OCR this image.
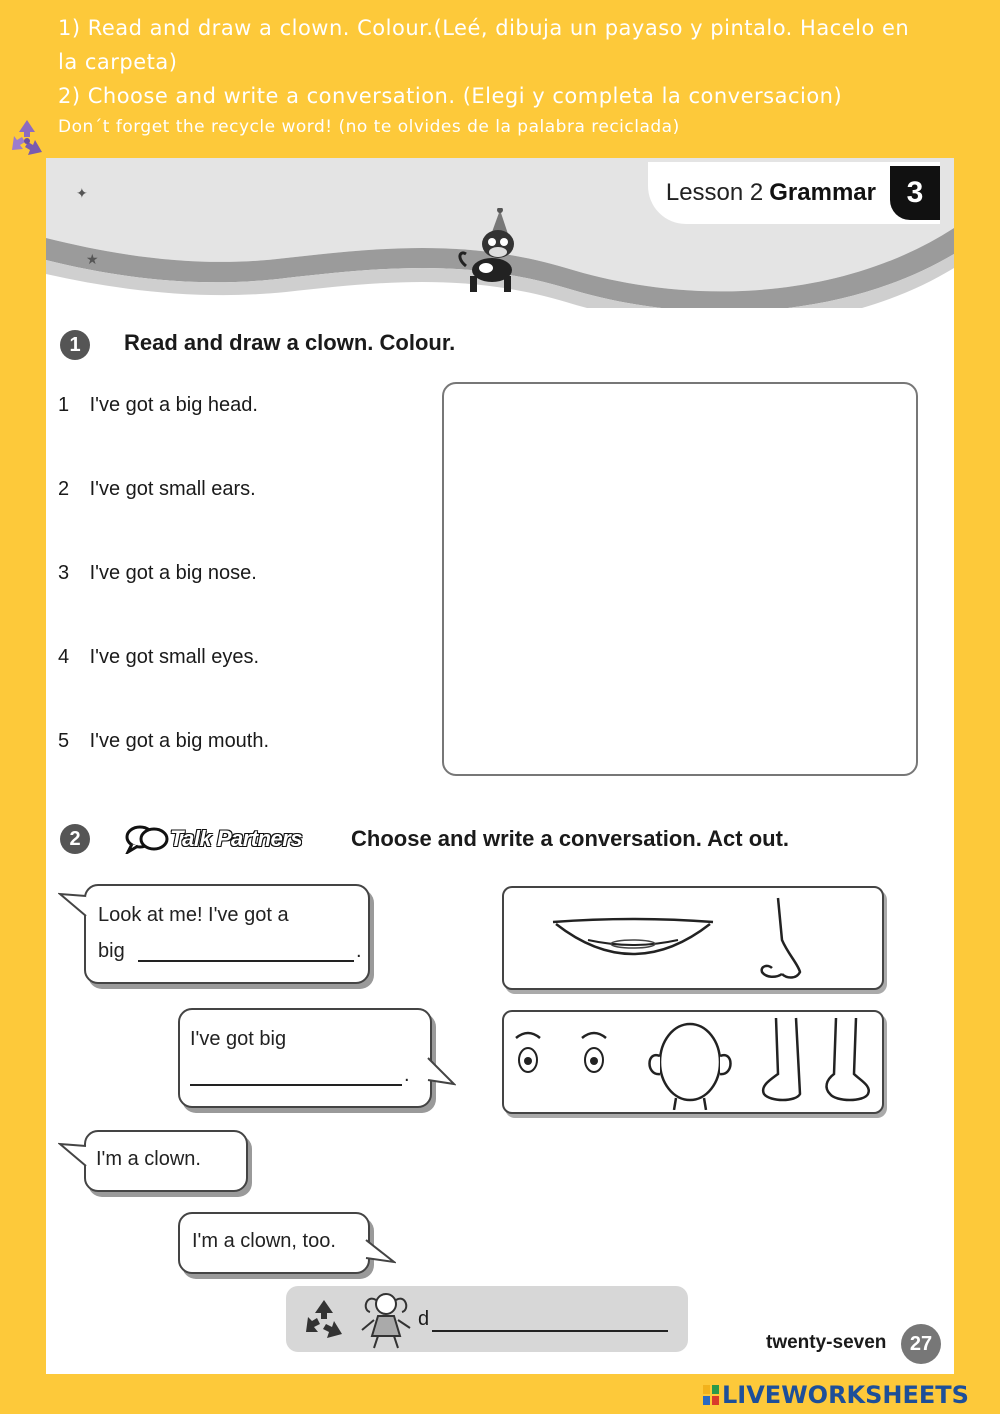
1) Read and draw a clown. Colour.(Leé, dibuja un payaso y pintalo. Hacelo en
la carpeta)
2) Choose and write a conversation. (Elegi y completa la conversacion)
Don´t forget the recycle word! (no te olvides de la palabra reciclada)
✦
★
Lesson 2 Grammar	3
1	Read and draw a clown. Colour.
1 I've got a big head.
2 I've got small ears.
3 I've got a big nose.
4 I've got small eyes.
5 I've got a big mouth.
2	Talk Partners Choose and write a conversation. Act out.
Look at me! I've got a
big	.
I've got big
.
I'm a clown.
I'm a clown, too.
d
twenty-seven	27
LIVEWORKSHEETS
